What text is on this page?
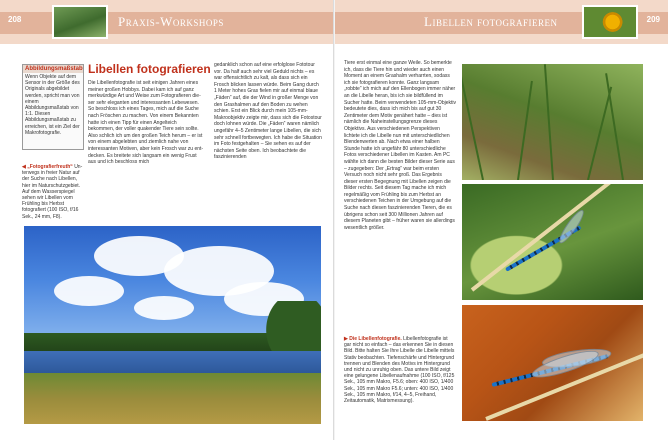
208	Praxis-Workshops	Libellen fotografieren	209
Abbildungsmaßstab
Wenn Objekte auf dem Sensor in der Größe des Originals abgebildet werden, spricht man von einem Abbildungsmaßstab von 1:1. Diesen Abbildungsmaßstab zu erreichen, ist ein Ziel der Makrofotografie.
◀ „Fotografierfreuth“ Unterwegs in freier Natur auf der Suche nach Libellen, hier im Naturschutzgebiet. Auf dem Wasserspiegel sehen wir Libellen vom Frühling bis Herbst fotografiert (100 ISO, f/16 Sek., 24 mm, F8).
Libellen fotografieren

Die Libellenfotografie ist seit einigen Jahren eines meiner großen Hobbys. Dabei kam ich auf ganz merkwürdige Art und Weise zum Fotografieren dieser sehr eleganten und interessanten Lebewesen. So beschloss ich eines Tages, mich auf die Suche nach Fröschen zu machen. Von einem Bekannten hatte ich einen Tipp für einen Angelteich bekommen, der voller quakender Tiere sein sollte. Also schlich ich um den großen Teich herum – er ist von einem abgelebten und ziemlich nahe von interessanten Motiven, aber kein Frosch war zu entdecken. Es breitete sich langsam ein wenig Frust aus und ich beschloss mich

gedanklich schon auf eine erfolglose Fototour vor. Da half auch sehr viel Geduld nichts – es war offensichtlich zu kalt, als dass sich ein Frosch blicken lassen würde. Beim Gang durch 1 Meter hohes Gras fielen mir auf einmal blaue „Fäden“ auf, die der Wind in großer Menge von den Grashalmen auf den Boden zu wehen schien. Erst ein Blick durch mein 105-mm-Makroobjektiv zeigte mir, dass sich die Fotostour doch lohnen würde. Die „Fäden“ waren nämlich ungefähr 4–5 Zentimeter lange Libellen, die sich sehr schnell fortbewegten. Ich habe die Situation im Foto festgehalten – Sie sehen es auf der nächsten Seite oben. Ich beobachtete die faszinierenden

Tiere erst einmal eine ganze Weile. So bemerkte ich, dass die Tiere hin und wieder auch einen Moment an einem Grashalm verharrten, sodass ich sie fotografieren konnte. Ganz langsam „robbte“ ich mich auf den Ellenbogen immer näher an die Libelle heran, bis ich sie bildfüllend im Sucher hatte. Beim verwendeten 105-mm-Objektiv bedeutete dies, dass ich mich bis auf gut 30 Zentimeter dem Motiv genähert hatte – dies ist nämlich die Naheinstellungsgrenze dieses Objektivs. Aus verschiedenen Perspektiven lichtete ich die Libelle nun mit unterschiedlichen Blendenwerten ab. Nach etwa einer halben Stunde hatte ich ungefähr 80 unterschiedliche Fotos verschiedener Libellen im Kasten. Am PC wählte ich dann die besten Bilder dieser Serie aus – zugegeben: Der „Ertrag“ war beim ersten Versuch noch nicht sehr groß. Das Ergebnis dieser ersten Begegnung mit Libellen zeigen die Bilder rechts. Seit diesem Tag mache ich mich regelmäßig vom Frühling bis zum Herbst an verschiedenen Teichen in der Umgebung auf die Suche nach diesen faszinierenden Tieren, die es übrigens schon seit 300 Millionen Jahren auf diesem Planeten gibt – früher waren sie allerdings wesentlich größer.

▶ Die Libellenfotografie. Libellenfotografie ist gar nicht so einfach – das erkennen Sie in diesen Bild. Bitte halten Sie Ihre Libelle die Libelle mittels Stativ beobachten. Tiefenschärfe und Hintergrund trennen und Blenden des Motivs im Hintergrund und nicht zu unruhig oben. Das untere Bild zeigt eine gelungene Libellenaufnahme (100 ISO, f/125 Sek., 105 mm Makro, F5.6; oben: 400 ISO, 1/400 Sek., 105 mm Makro F5.6; unten: 400 ISO, 1/400 Sek., 105 mm Makro, f/14, 4–5, Freihand, Zeitautomatik, Matrixmessung).
